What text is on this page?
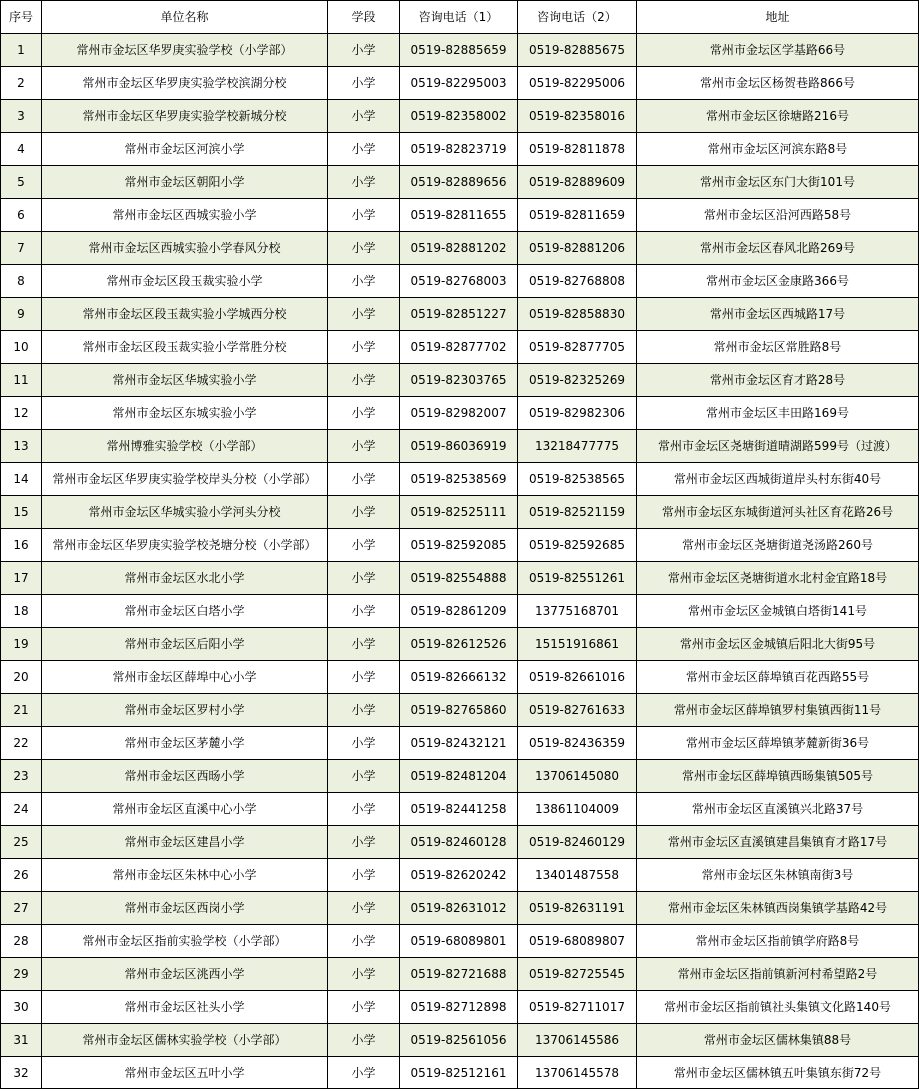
序号	单位名称	学段	咨询电话（1）	咨询电话（2）	地址
1	常州市金坛区华罗庚实验学校（小学部）	小学	0519-82885659	0519-82885675	常州市金坛区学基路66号
2	常州市金坛区华罗庚实验学校滨湖分校	小学	0519-82295003	0519-82295006	常州市金坛区杨贺巷路866号
3	常州市金坛区华罗庚实验学校新城分校	小学	0519-82358002	0519-82358016	常州市金坛区徐塘路216号
4	常州市金坛区河滨小学	小学	0519-82823719	0519-82811878	常州市金坛区河滨东路8号
5	常州市金坛区朝阳小学	小学	0519-82889656	0519-82889609	常州市金坛区东门大街101号
6	常州市金坛区西城实验小学	小学	0519-82811655	0519-82811659	常州市金坛区沿河西路58号
7	常州市金坛区西城实验小学春风分校	小学	0519-82881202	0519-82881206	常州市金坛区春风北路269号
8	常州市金坛区段玉裁实验小学	小学	0519-82768003	0519-82768808	常州市金坛区金康路366号
9	常州市金坛区段玉裁实验小学城西分校	小学	0519-82851227	0519-82858830	常州市金坛区西城路17号
10	常州市金坛区段玉裁实验小学常胜分校	小学	0519-82877702	0519-82877705	常州市金坛区常胜路8号
11	常州市金坛区华城实验小学	小学	0519-82303765	0519-82325269	常州市金坛区育才路28号
12	常州市金坛区东城实验小学	小学	0519-82982007	0519-82982306	常州市金坛区丰田路169号
13	常州博雅实验学校（小学部）	小学	0519-86036919	13218477775	常州市金坛区尧塘街道晴湖路599号（过渡）
14	常州市金坛区华罗庚实验学校岸头分校（小学部）	小学	0519-82538569	0519-82538565	常州市金坛区西城街道岸头村东街40号
15	常州市金坛区华城实验小学河头分校	小学	0519-82525111	0519-82521159	常州市金坛区东城街道河头社区育花路26号
16	常州市金坛区华罗庚实验学校尧塘分校（小学部）	小学	0519-82592085	0519-82592685	常州市金坛区尧塘街道尧汤路260号
17	常州市金坛区水北小学	小学	0519-82554888	0519-82551261	常州市金坛区尧塘街道水北村金宜路18号
18	常州市金坛区白塔小学	小学	0519-82861209	13775168701	常州市金坛区金城镇白塔街141号
19	常州市金坛区后阳小学	小学	0519-82612526	15151916861	常州市金坛区金城镇后阳北大街95号
20	常州市金坛区薛埠中心小学	小学	0519-82666132	0519-82661016	常州市金坛区薛埠镇百花西路55号
21	常州市金坛区罗村小学	小学	0519-82765860	0519-82761633	常州市金坛区薛埠镇罗村集镇西街11号
22	常州市金坛区茅麓小学	小学	0519-82432121	0519-82436359	常州市金坛区薛埠镇茅麓新街36号
23	常州市金坛区西旸小学	小学	0519-82481204	13706145080	常州市金坛区薛埠镇西旸集镇505号
24	常州市金坛区直溪中心小学	小学	0519-82441258	13861104009	常州市金坛区直溪镇兴北路37号
25	常州市金坛区建昌小学	小学	0519-82460128	0519-82460129	常州市金坛区直溪镇建昌集镇育才路17号
26	常州市金坛区朱林中心小学	小学	0519-82620242	13401487558	常州市金坛区朱林镇南街3号
27	常州市金坛区西岗小学	小学	0519-82631012	0519-82631191	常州市金坛区朱林镇西岗集镇学基路42号
28	常州市金坛区指前实验学校（小学部）	小学	0519-68089801	0519-68089807	常州市金坛区指前镇学府路8号
29	常州市金坛区洮西小学	小学	0519-82721688	0519-82725545	常州市金坛区指前镇新河村希望路2号
30	常州市金坛区社头小学	小学	0519-82712898	0519-82711017	常州市金坛区指前镇社头集镇文化路140号
31	常州市金坛区儒林实验学校（小学部）	小学	0519-82561056	13706145586	常州市金坛区儒林集镇88号
32	常州市金坛区五叶小学	小学	0519-82512161	13706145578	常州市金坛区儒林镇五叶集镇东街72号
